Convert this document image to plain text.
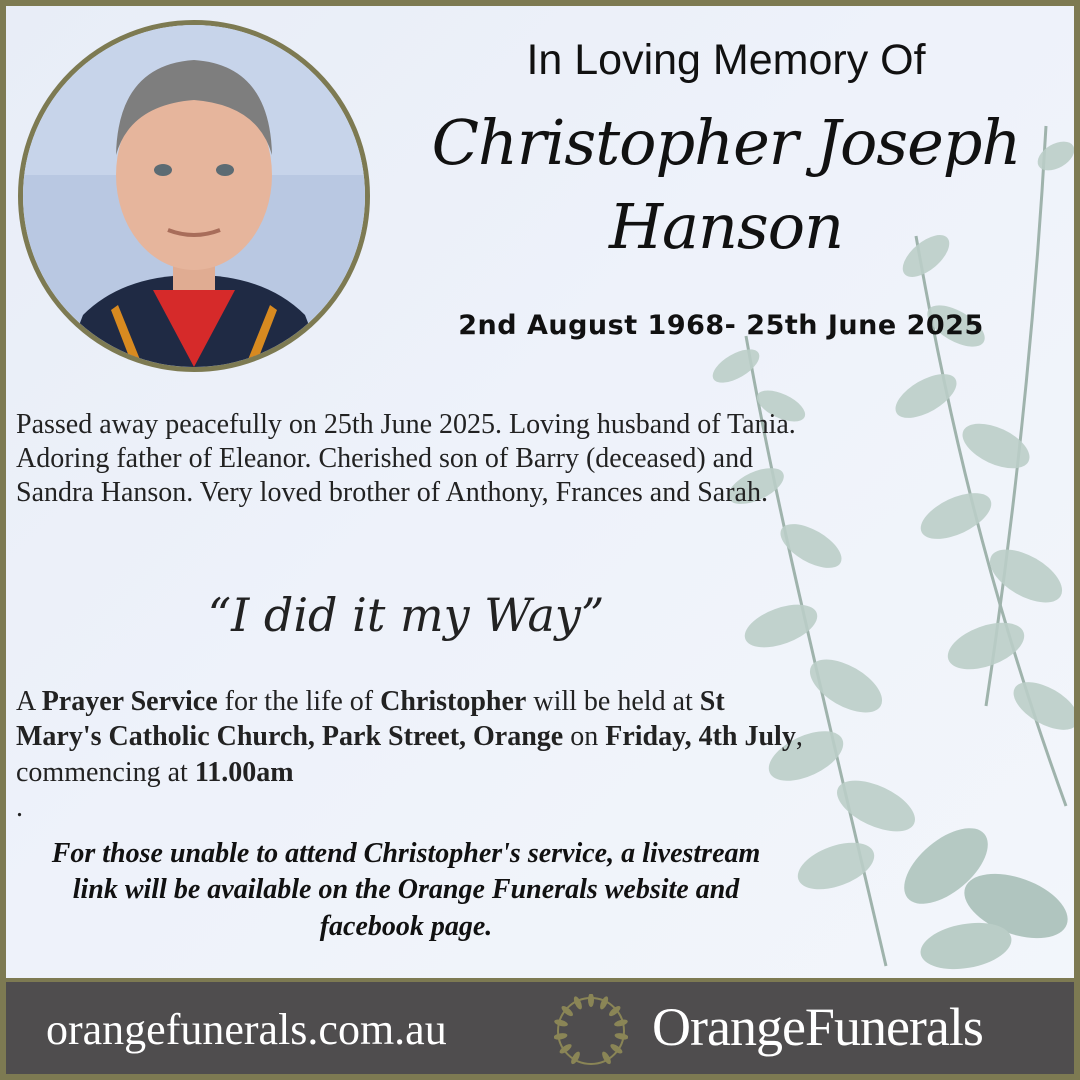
In Loving Memory Of
Christopher Joseph
Hanson
2nd August 1968- 25th June 2025
Passed away peacefully on 25th June 2025. Loving husband of Tania. Adoring father of Eleanor. Cherished son of Barry (deceased) and Sandra Hanson. Very loved brother of Anthony, Frances and Sarah.
“I did it my Way”
A Prayer Service for the life of Christopher will be held at St Mary's Catholic Church, Park Street, Orange on Friday, 4th July, commencing at 11.00am
.
For those unable to attend Christopher's service, a livestream link will be available on the Orange Funerals website and facebook page.
orangefunerals.com.au	OrangeFunerals
